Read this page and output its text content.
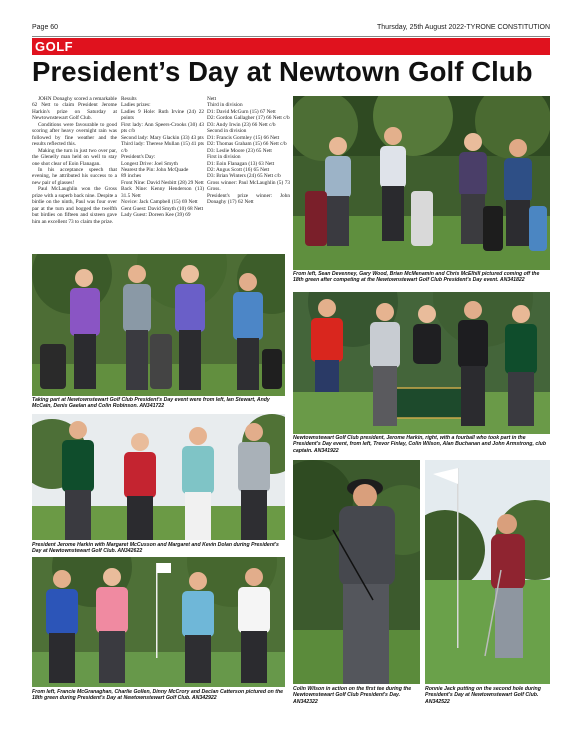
Page 60	Thursday, 25th August 2022-TYRONE CONSTITUTION
GOLF
President’s Day at Newtown Golf Club

JOHN Donaghy scored a remarkable 62 Nett to claim President Jerome Harkin's prize on Saturday at Newtownstewart Golf Club.

Conditions were favourable to good scoring after heavy overnight rain was followed by fine weather and the results reflected this.

Making the turn in just two over par, the Glenelly man held on well to stay one shot clear of Eoin Flanagan.

In his acceptance speech that evening, he attributed his success to a new pair of glasses!

Paul McLaughlin won the Gross prize with a superb back nine. Despite a birdie on the ninth, Paul was four over par at the turn and bogged the twelfth but birdies on fifteen and sixteen gave him an excellent 73 to claim the prize.

Results

Ladies prizes:

Ladies 9 Hole: Ruth Irvine (24) 22 points

First lady: Ann Speers-Crooks (30) 43 pts c/b

Second lady: Mary Glackin (33) 43 pts

Third lady: Therese Mullan (15) 41 pts c/b

President's Day:

Longest Drive: Joel Smyth

Nearest the Pin: John McQuade

89 inches

Front Nine: David Nesbitt (28) 29 Nett

Back Nine: Kenny Henderson (13) 31.5 Nett

Novice: Jack Campbell (15) 69 Nett

Gent Guest: David Smyth (10) 68 Nett

Lady Guest: Doreen Kee (39) 69

Nett

Third in division

D1: David McGurn (15) 67 Nett

D2: Gordon Gallagher (17) 66 Nett c/b

D3: Andy Irwin (23) 66 Nett c/b

Second in division

D1: Francis Gormley (15) 66 Nett

D2: Thomas Graham (15) 66 Nett c/b

D3: Leslie Moore (23) 65 Nett

First in division

D1: Eoin Flanagan (13) 63 Nett

D2: Angus Scott (16) 65 Nett

D3: Brian Winters (24) 65 Nett c/b

Gross winner: Paul McLaughlin (5) 73 Gross.

President's prize winner: John Donaghy (17) 62 Nett

From left, Sean Devenney, Gary Wood, Brian McMenamin and Chris McElhill pictured coming off the 18th green after competing at the Newtownstewart Golf Club President's Day event. AN341822
Taking part at Newtownstewart Golf Club President's Day event were from left, Ian Stewart, Andy McCain, Denis Gaelan and Colin Robinson. AN341722
Newtownstewart Golf Club president, Jerome Harkin, right, with a fourball who took part in the President's Day event, from left, Trevor Finlay, Colin Wilson, Alan Buchanan and John Armstrong, club captain. AN341922
President Jerome Harkin with Margaret McCusson and Margaret and Kevin Dolan during President's Day at Newtownstewart Golf Club. AN342622
From left, Francie McGranaghan, Charlie Gollen, Dinny McCrory and Declan Catterson pictured on the 18th green during President's Day at Newtownstewart Golf Club. AN342922
Colin Wilson in action on the first tee during the Newtownstewart Golf Club President's Day. AN342322
Ronnie Jack putting on the second hole during President's Day at Newtownstewart Golf Club. AN342522
